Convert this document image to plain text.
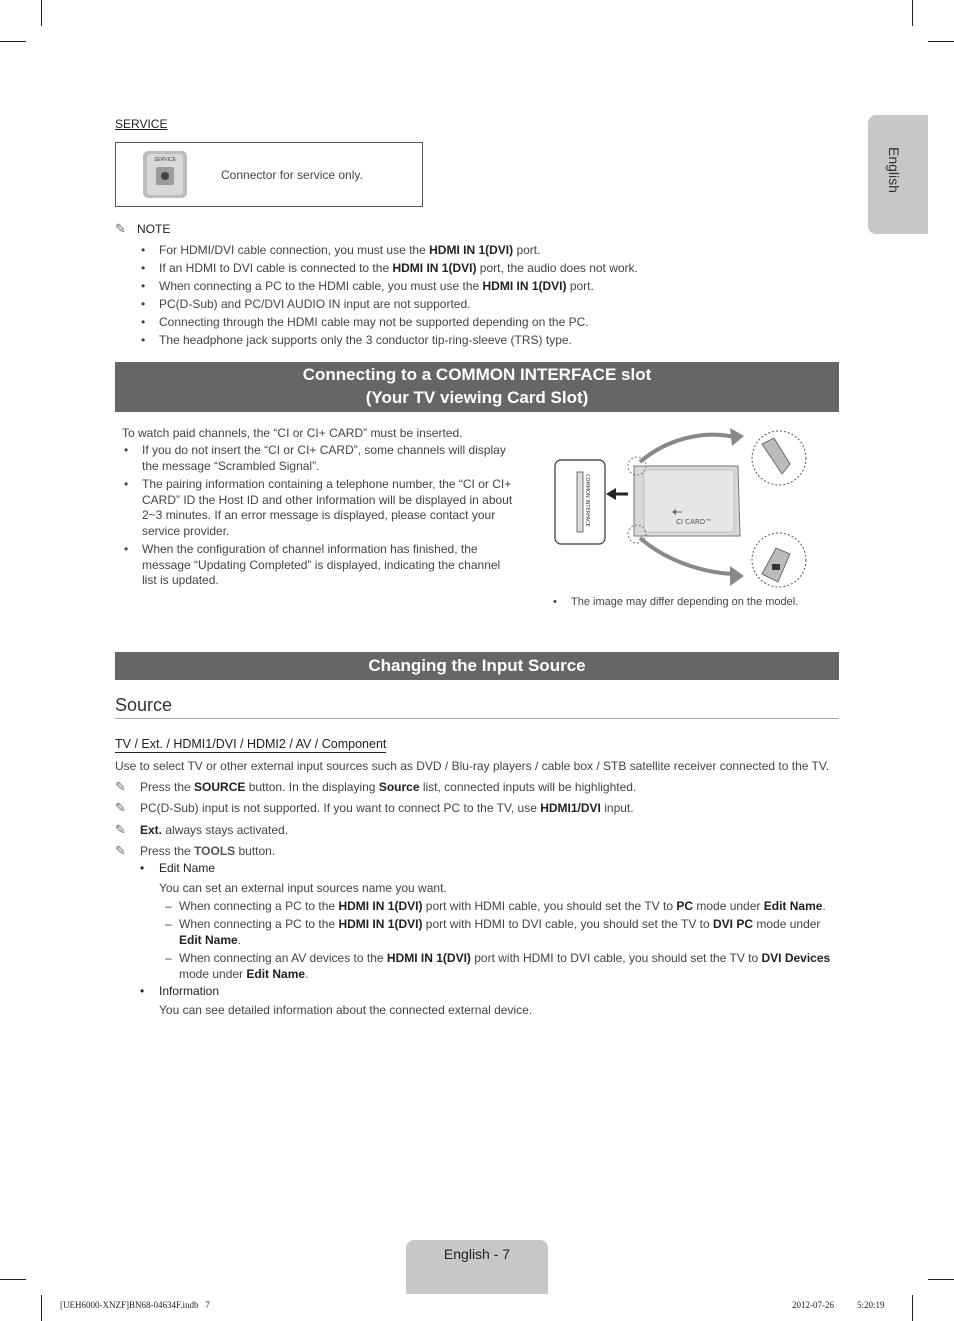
English
SERVICE
SERVICE
Connector for service only.
✎ NOTE
• For HDMI/DVI cable connection, you must use the HDMI IN 1(DVI) port.
• If an HDMI to DVI cable is connected to the HDMI IN 1(DVI) port, the audio does not work.
• When connecting a PC to the HDMI cable, you must use the HDMI IN 1(DVI) port.
• PC(D-Sub) and PC/DVI AUDIO IN input are not supported.
• Connecting through the HDMI cable may not be supported depending on the PC.
• The headphone jack supports only the 3 conductor tip-ring-sleeve (TRS) type.
Connecting to a COMMON INTERFACE slot
(Your TV viewing Card Slot)
To watch paid channels, the “CI or CI+ CARD” must be inserted.
• If you do not insert the “CI or CI+ CARD”, some channels will display the message “Scrambled Signal”.
• The pairing information containing a telephone number, the “CI or CI+ CARD” ID the Host ID and other information will be displayed in about 2~3 minutes. If an error message is displayed, please contact your service provider.
• When the configuration of channel information has finished, the message “Updating Completed” is displayed, indicating the channel list is updated.
COMMON INTERFACE	CI CARD™
• The image may differ depending on the model.
Changing the Input Source
Source
TV / Ext. / HDMI1/DVI / HDMI2 / AV / Component
Use to select TV or other external input sources such as DVD / Blu-ray players / cable box / STB satellite receiver connected to the TV.
✎ Press the SOURCE button. In the displaying Source list, connected inputs will be highlighted.
✎ PC(D-Sub) input is not supported. If you want to connect PC to the TV, use HDMI1/DVI input.
✎ Ext. always stays activated.
✎ Press the TOOLS button.
• Edit Name
You can set an external input sources name you want.
– When connecting a PC to the HDMI IN 1(DVI) port with HDMI cable, you should set the TV to PC mode under Edit Name.
– When connecting a PC to the HDMI IN 1(DVI) port with HDMI to DVI cable, you should set the TV to DVI PC mode under Edit Name.
– When connecting an AV devices to the HDMI IN 1(DVI) port with HDMI to DVI cable, you should set the TV to DVI Devices mode under Edit Name.
• Information
You can see detailed information about the connected external device.
English - 7
[UEH6000-XNZF]BN68-04634F.indb   7	2012-07-26   ￿￿ 5:20:19
